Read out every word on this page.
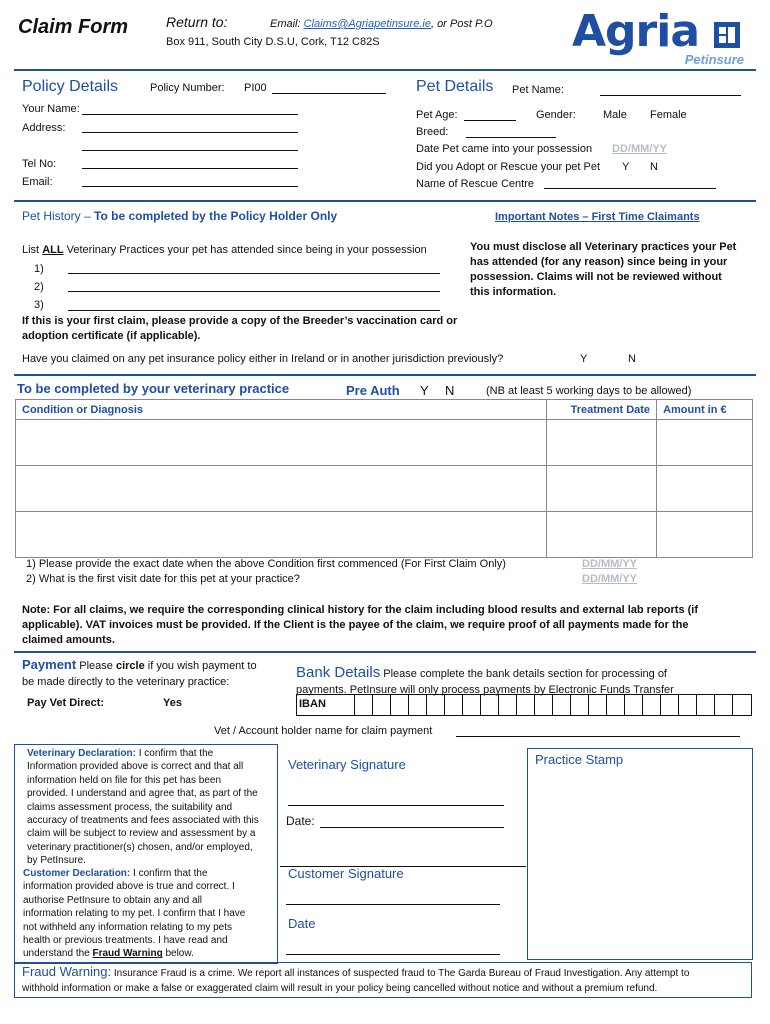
Claim Form	Return to:	Email: Claims@Agriapetinsure.ie, or Post P.O
Box 911, South City D.S.U, Cork, T12 C82S	Agria
Petinsure
Policy Details	Policy Number: PI00
Your Name:
Address:
Tel No:
Email:
Pet Details Pet Name:
Pet Age:	Gender: Male Female
Breed:
Date Pet came into your possession DD/MM/YY
Did you Adopt or Rescue your pet Pet Y N
Name of Rescue Centre
Pet History – To be completed by the Policy Holder Only
List ALL Veterinary Practices your pet has attended since being in your possession
1)
2)
3)
If this is your first claim, please provide a copy of the Breeder’s vaccination card or
adoption certificate (if applicable).
Have you claimed on any pet insurance policy either in Ireland or in another jurisdiction previously?	Y	N
Important Notes – First Time Claimants
You must disclose all Veterinary practices your Pet
has attended (for any reason) since being in your
possession. Claims will not be reviewed without
this information.
To be completed by your veterinary practice	Pre Auth Y N	(NB at least 5 working days to be allowed)
Condition or Diagnosis	Treatment Date	Amount in €

1) Please provide the exact date when the above Condition first commenced (For First Claim Only)	DD/MM/YY
2) What is the first visit date for this pet at your practice?	DD/MM/YY
Note: For all claims, we require the corresponding clinical history for the claim including blood results and external lab reports (if
applicable). VAT invoices must be provided. If the Client is the payee of the claim, we require proof of all payments made for the
claimed amounts.
Payment Please circle if you wish payment to
be made directly to the veterinary practice:
Pay Vet Direct:	Yes
Bank Details Please complete the bank details section for processing of
payments. PetInsure will only process payments by Electronic Funds Transfer
IBAN
Vet / Account holder name for claim payment
Veterinary Declaration: I confirm that the
Information provided above is correct and that all
information held on file for this pet has been
provided. I understand and agree that, as part of the
claims assessment process, the suitability and
accuracy of treatments and fees associated with this
claim will be subject to review and assessment by a
veterinary practitioner(s) chosen, and/or employed,
by PetInsure.
Customer Declaration: I confirm that the
information provided above is true and correct. I
authorise PetInsure to obtain any and all
information relating to my pet. I confirm that I have
not withheld any information relating to my pets
health or previous treatments. I have read and
understand the Fraud Warning below.
Veterinary Signature
Date:
Customer Signature
Date
Practice Stamp
Fraud Warning: Insurance Fraud is a crime. We report all instances of suspected fraud to The Garda Bureau of Fraud Investigation. Any attempt to
withhold information or make a false or exaggerated claim will result in your policy being cancelled without notice and without a premium refund.
